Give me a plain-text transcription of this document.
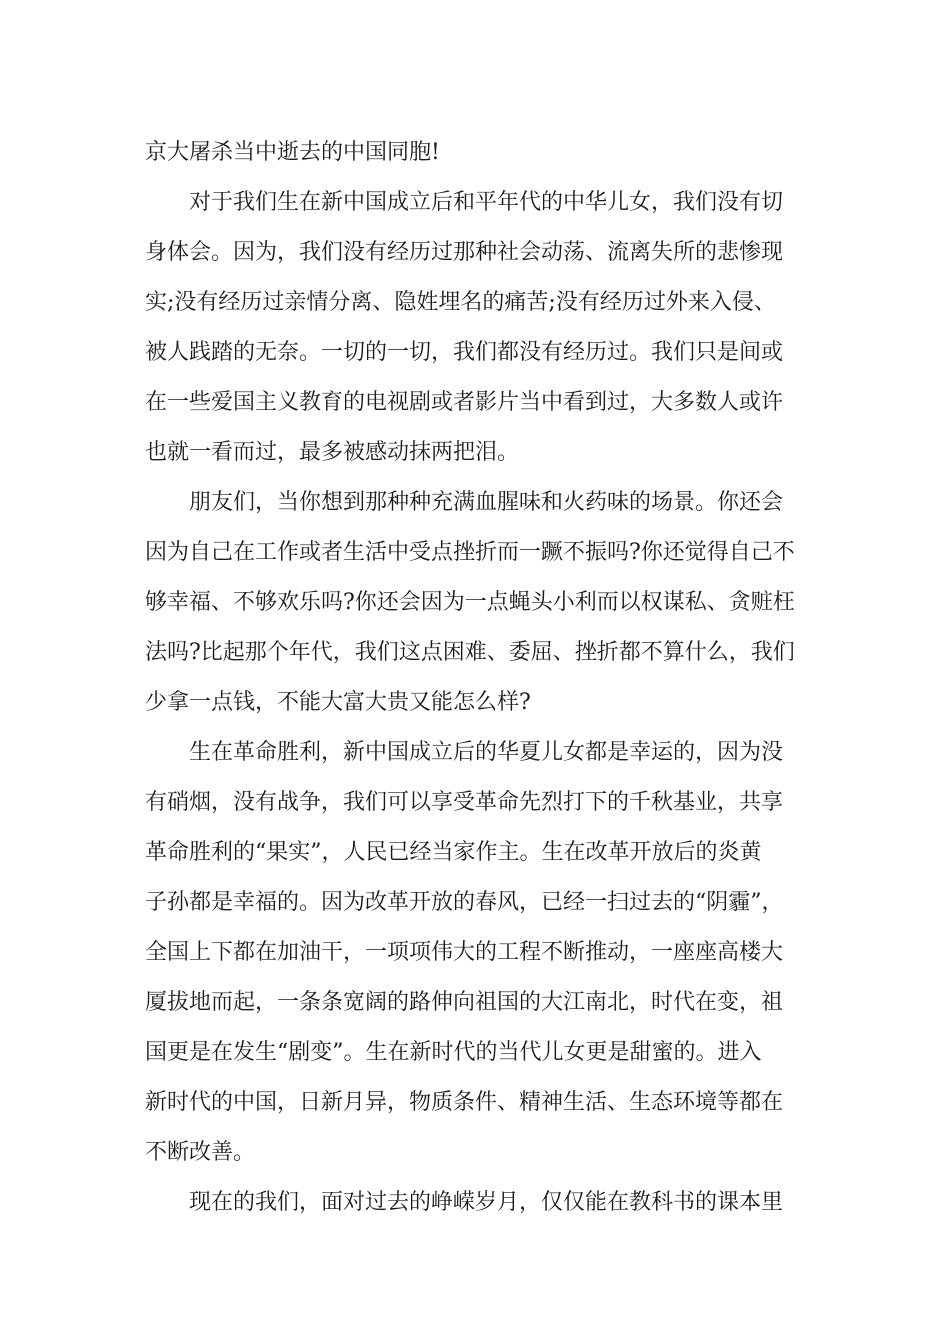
京大屠杀当中逝去的中国同胞!
对于我们生在新中国成立后和平年代的中华儿女，我们没有切
身体会。因为，我们没有经历过那种社会动荡、流离失所的悲惨现
实;没有经历过亲情分离、隐姓埋名的痛苦;没有经历过外来入侵、
被人践踏的无奈。一切的一切，我们都没有经历过。我们只是间或
在一些爱国主义教育的电视剧或者影片当中看到过，大多数人或许
也就一看而过，最多被感动抹两把泪。
朋友们，当你想到那种种充满血腥味和火药味的场景。你还会
因为自己在工作或者生活中受点挫折而一蹶不振吗?你还觉得自己不
够幸福、不够欢乐吗?你还会因为一点蝇头小利而以权谋私、贪赃枉
法吗?比起那个年代，我们这点困难、委屈、挫折都不算什么，我们
少拿一点钱，不能大富大贵又能怎么样?
生在革命胜利，新中国成立后的华夏儿女都是幸运的，因为没
有硝烟，没有战争，我们可以享受革命先烈打下的千秋基业，共享
革命胜利的“果实”，人民已经当家作主。生在改革开放后的炎黄
子孙都是幸福的。因为改革开放的春风，已经一扫过去的“阴霾”，
全国上下都在加油干，一项项伟大的工程不断推动，一座座高楼大
厦拔地而起，一条条宽阔的路伸向祖国的大江南北，时代在变，祖
国更是在发生“剧变”。生在新时代的当代儿女更是甜蜜的。进入
新时代的中国，日新月异，物质条件、精神生活、生态环境等都在
不断改善。
现在的我们，面对过去的峥嵘岁月，仅仅能在教科书的课本里
